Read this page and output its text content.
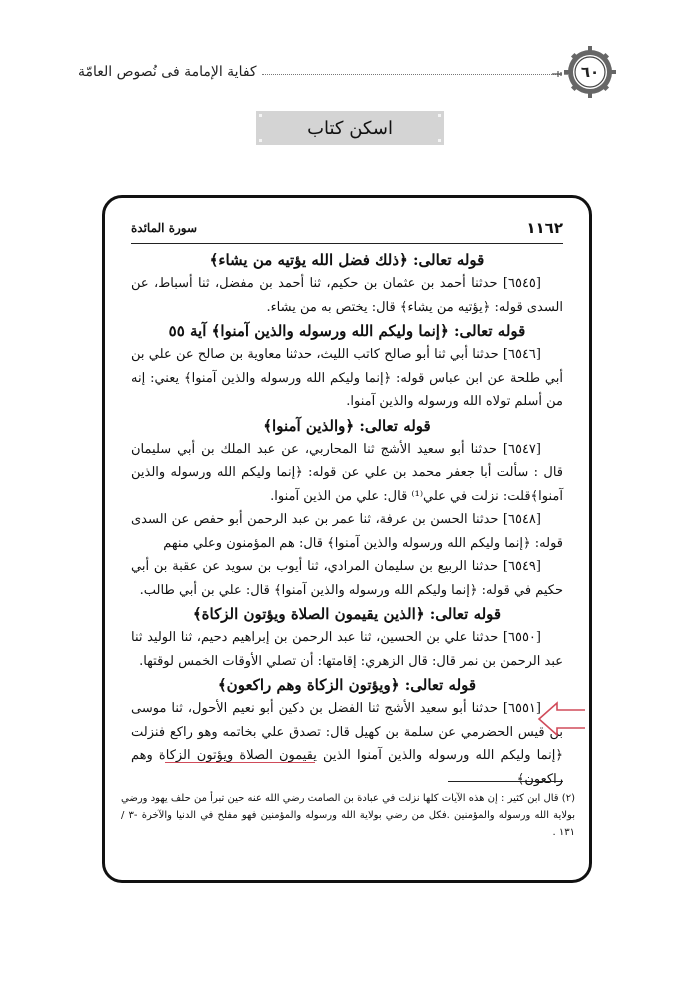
كفاية الإمامة فى نُصوص العامّة	٦٠
اسكن كتاب
١١٦٢
سورة المائدة

قوله تعالى: ﴿ذلك فضل الله يؤتيه من يشاء﴾

[٦٥٤٥] حدثنا أحمد بن عثمان بن حكيم، ثنا أحمد بن مفضل، ثنا أسباط، عن السدى قوله: ﴿يؤتيه من يشاء﴾ قال: يختص به من يشاء.

قوله تعالى: ﴿إنما وليكم الله ورسوله والذين آمنوا﴾ آية ٥٥

[٦٥٤٦] حدثنا أبي ثنا أبو صالح كاتب الليث، حدثنا معاوية بن صالح عن علي بن أبي طلحة عن ابن عباس قوله: ﴿إنما وليكم الله ورسوله والذين آمنوا﴾ يعني: إنه من أسلم تولاه الله ورسوله والذين آمنوا.

قوله تعالى: ﴿والذين آمنوا﴾

[٦٥٤٧] حدثنا أبو سعيد الأشج ثنا المحاربي، عن عبد الملك بن أبي سليمان قال : سألت أبا جعفر محمد بن علي عن قوله: ﴿إنما وليكم الله ورسوله والذين آمنوا﴾قلت: نزلت في علي⁽¹⁾ قال: علي من الذين آمنوا.

[٦٥٤٨] حدثنا الحسن بن عرفة، ثنا عمر بن عبد الرحمن أبو حفص عن السدى قوله: ﴿إنما وليكم الله ورسوله والذين آمنوا﴾ قال: هم المؤمنون وعلي منهم

[٦٥٤٩] حدثنا الربيع بن سليمان المرادي، ثنا أيوب بن سويد عن عقبة بن أبي حكيم في قوله: ﴿إنما وليكم الله ورسوله والذين آمنوا﴾ قال: علي بن أبي طالب.

قوله تعالى: ﴿الذين يقيمون الصلاة ويؤتون الزكاة﴾

[٦٥٥٠] حدثنا علي بن الحسين، ثنا عبد الرحمن بن إبراهيم دحيم، ثنا الوليد ثنا عبد الرحمن بن نمر قال: قال الزهري: إقامتها: أن تصلي الأوقات الخمس لوقتها.

قوله تعالى: ﴿ويؤتون الزكاة وهم راكعون﴾

[٦٥٥١] حدثنا أبو سعيد الأشج ثنا الفضل بن دكين أبو نعيم الأحول، ثنا موسى بن قيس الحضرمي عن سلمة بن كهيل قال: تصدق علي بخاتمه وهو راكع فنزلت ﴿إنما وليكم الله ورسوله والذين آمنوا الذين يقيمون الصلاة ويؤتون الزكاة وهم راكعون﴾

(٢) قال ابن كثير : إن هذه الآيات كلها نزلت في عبادة بن الصامت رضي الله عنه حين تبرأ من حلف يهود ورضي بولاية الله ورسوله والمؤمنين .فكل من رضي بولاية الله ورسوله والمؤمنين فهو مفلح في الدنيا والآخرة -٣ / ١٣١ .
